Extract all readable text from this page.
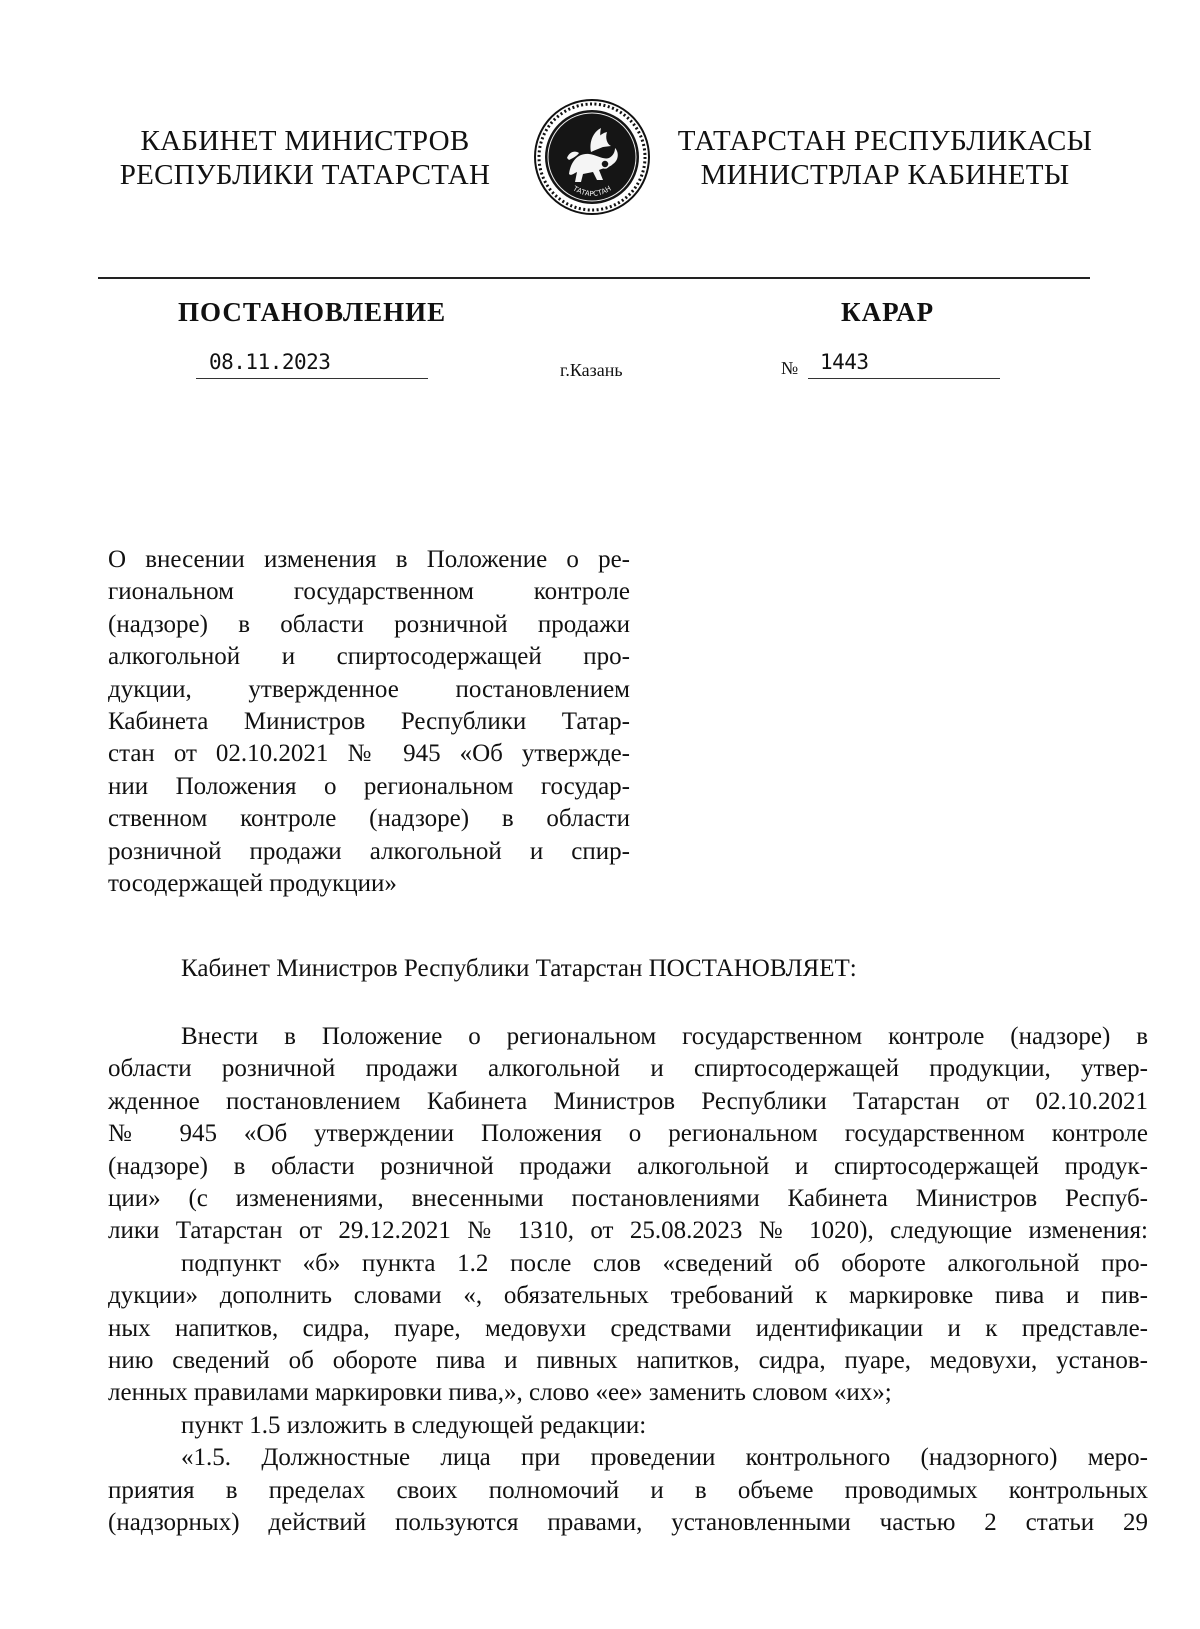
КАБИНЕТ МИНИСТРОВ
РЕСПУБЛИКИ ТАТАРСТАН	ТАТАРСТАН
ТАТАРСТАН РЕСПУБЛИКАСЫ
МИНИСТРЛАР КАБИНЕТЫ
ПОСТАНОВЛЕНИЕ	КАРАР
08.11.2023	г.Казань	№ 1443
О внесении изменения в Положение о ре-
гиональном государственном контроле
(надзоре) в области розничной продажи
алкогольной и спиртосодержащей про-
дукции, утвержденное постановлением
Кабинета Министров Республики Татар-
стан от 02.10.2021 № 945 «Об утвержде-
нии Положения о региональном государ-
ственном контроле (надзоре) в области
розничной продажи алкогольной и спир-
тосодержащей продукции»
Кабинет Министров Республики Татарстан ПОСТАНОВЛЯЕТ:
Внести в Положение о региональном государственном контроле (надзоре) в
области розничной продажи алкогольной и спиртосодержащей продукции, утвер-
жденное постановлением Кабинета Министров Республики Татарстан от 02.10.2021
№ 945 «Об утверждении Положения о региональном государственном контроле
(надзоре) в области розничной продажи алкогольной и спиртосодержащей продук-
ции» (с изменениями, внесенными постановлениями Кабинета Министров Респуб-
лики Татарстан от 29.12.2021 № 1310, от 25.08.2023 № 1020), следующие изменения:
подпункт «б» пункта 1.2 после слов «сведений об обороте алкогольной про-
дукции» дополнить словами «, обязательных требований к маркировке пива и пив-
ных напитков, сидра, пуаре, медовухи средствами идентификации и к представле-
нию сведений об обороте пива и пивных напитков, сидра, пуаре, медовухи, установ-
ленных правилами маркировки пива,», слово «ее» заменить словом «их»;
пункт 1.5 изложить в следующей редакции:
«1.5. Должностные лица при проведении контрольного (надзорного) меро-
приятия в пределах своих полномочий и в объеме проводимых контрольных
(надзорных) действий пользуются правами, установленными частью 2 статьи 29
